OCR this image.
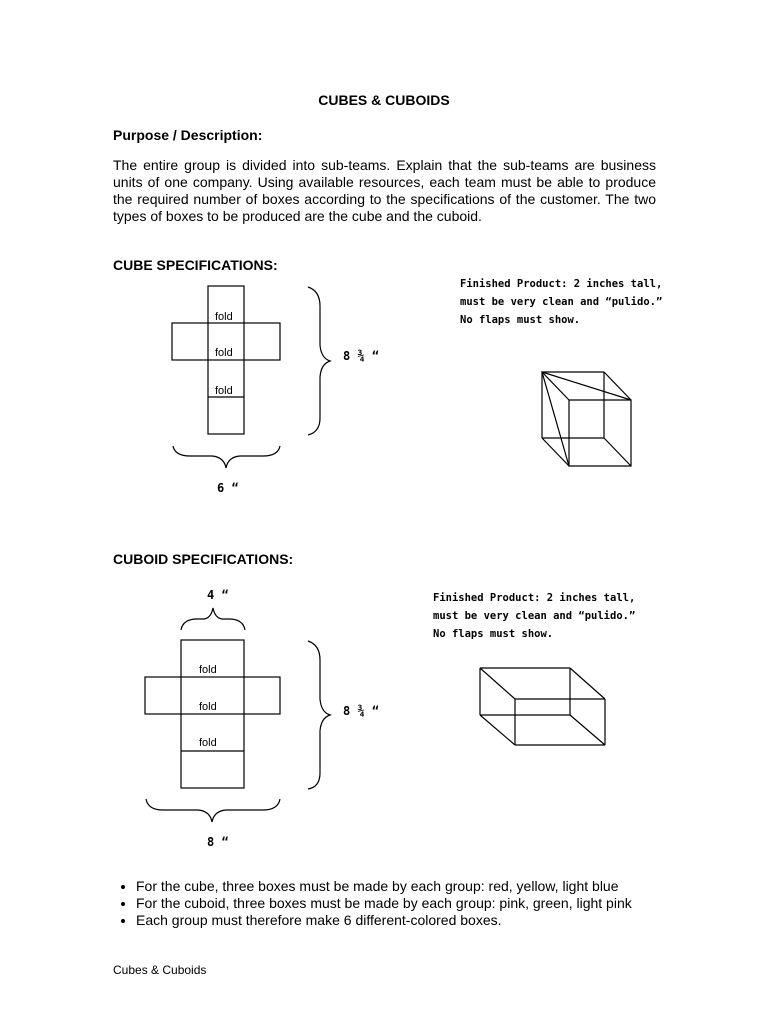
CUBES & CUBOIDS
Purpose / Description:
The entire group is divided into sub-teams. Explain that the sub-teams are business units of one company. Using available resources, each team must be able to produce the required number of boxes according to the specifications of the customer. The two types of boxes to be produced are the cube and the cuboid.
CUBE SPECIFICATIONS:
fold
fold
fold
fold
fold
fold
8 ¾ “
6 “
Finished Product: 2 inches tall,
must be very clean and “pulido.”
No flaps must show.
CUBOID SPECIFICATIONS:
4 “
8 ¾ “
8 “
Finished Product: 2 inches tall,
must be very clean and “pulido.”
No flaps must show.
• For the cube, three boxes must be made by each group: red, yellow, light blue
• For the cuboid, three boxes must be made by each group: pink, green, light pink
• Each group must therefore make 6 different-colored boxes.
Cubes & Cuboids
